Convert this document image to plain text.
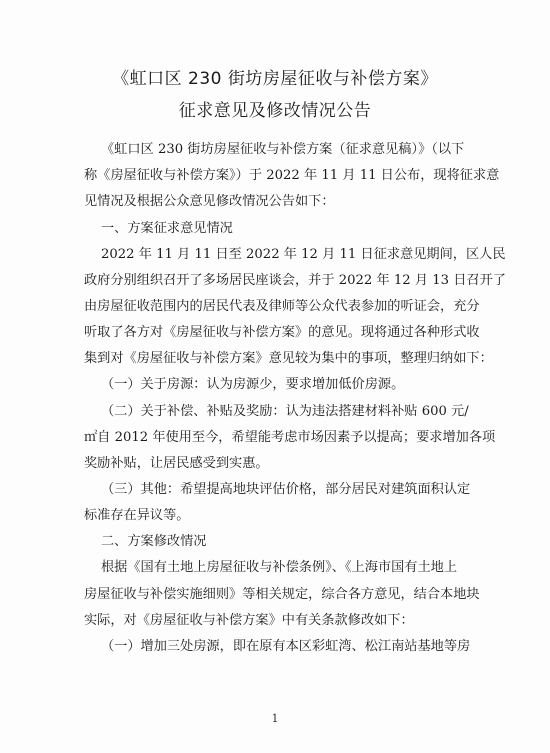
《虹口区 230 街坊房屋征收与补偿方案》
征求意见及修改情况公告
《虹口区 230 街坊房屋征收与补偿方案（征求意见稿）》（以下
称《房屋征收与补偿方案》）于 2022 年 11 月 11 日公布，现将征求意
见情况及根据公众意见修改情况公告如下：
一、方案征求意见情况
2022 年 11 月 11 日至 2022 年 12 月 11 日征求意见期间，区人民
政府分别组织召开了多场居民座谈会，并于 2022 年 12 月 13 日召开了
由房屋征收范围内的居民代表及律师等公众代表参加的听证会，充分
听取了各方对《房屋征收与补偿方案》的意见。现将通过各种形式收
集到对《房屋征收与补偿方案》意见较为集中的事项，整理归纳如下：
（一）关于房源：认为房源少，要求增加低价房源。
（二）关于补偿、补贴及奖励：认为违法搭建材料补贴 600 元/
㎡自 2012 年使用至今，希望能考虑市场因素予以提高；要求增加各项
奖励补贴，让居民感受到实惠。
（三）其他：希望提高地块评估价格，部分居民对建筑面积认定
标准存在异议等。
二、方案修改情况
根据《国有土地上房屋征收与补偿条例》、《上海市国有土地上
房屋征收与补偿实施细则》等相关规定，综合各方意见，结合本地块
实际，对《房屋征收与补偿方案》中有关条款修改如下：
（一）增加三处房源，即在原有本区彩虹湾、松江南站基地等房
1
